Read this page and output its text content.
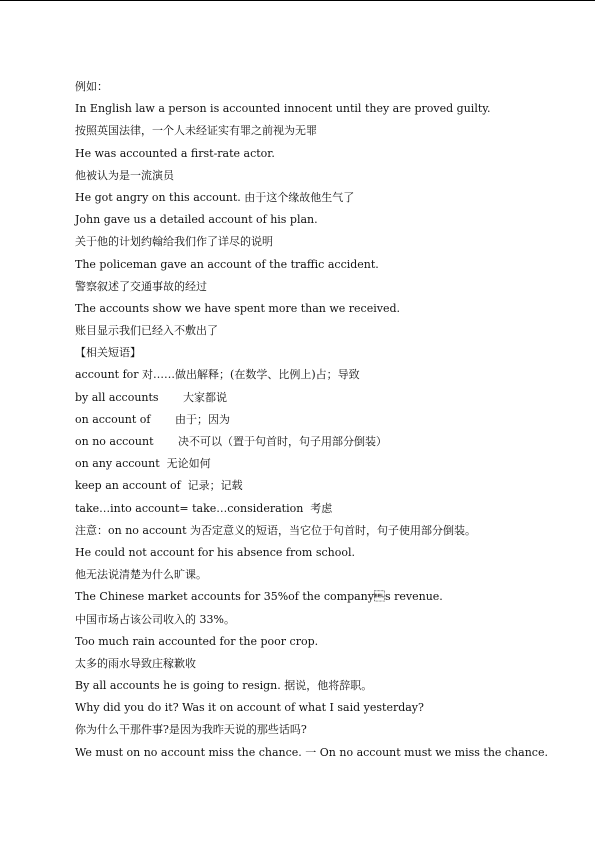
例如：
In English law a person is accounted innocent until they are proved guilty.
按照英国法律，一个人未经证实有罪之前视为无罪
He was accounted a first-rate actor.
他被认为是一流演员
He got angry on this account. 由于这个缘故他生气了
John gave us a detailed account of his plan.
关于他的计划约翰给我们作了详尽的说明
The policeman gave an account of the traffic accident.
警察叙述了交通事故的经过
The accounts show we have spent more than we received.
账目显示我们已经入不敷出了
【相关短语】
account for 对……做出解释；(在数学、比例上)占；导致
by all accounts       大家都说
on account of       由于；因为
on no account       决不可以（置于句首时，句子用部分倒装）
on any account  无论如何
keep an account of  记录；记载
take…into account= take…consideration  考虑
注意：on no account 为否定意义的短语，当它位于句首时，句子使用部分倒装。
He could not account for his absence from school.
他无法说清楚为什么旷课。
The Chinese market accounts for 35%of the companys revenue.
中国市场占该公司收入的 33%。
Too much rain accounted for the poor crop.
太多的雨水导致庄稼歉收
By all accounts he is going to resign. 据说，他将辞职。
Why did you do it? Was it on account of what I said yesterday?
你为什么干那件事?是因为我昨天说的那些话吗?
We must on no account miss the chance. 一 On no account must we miss the chance.
